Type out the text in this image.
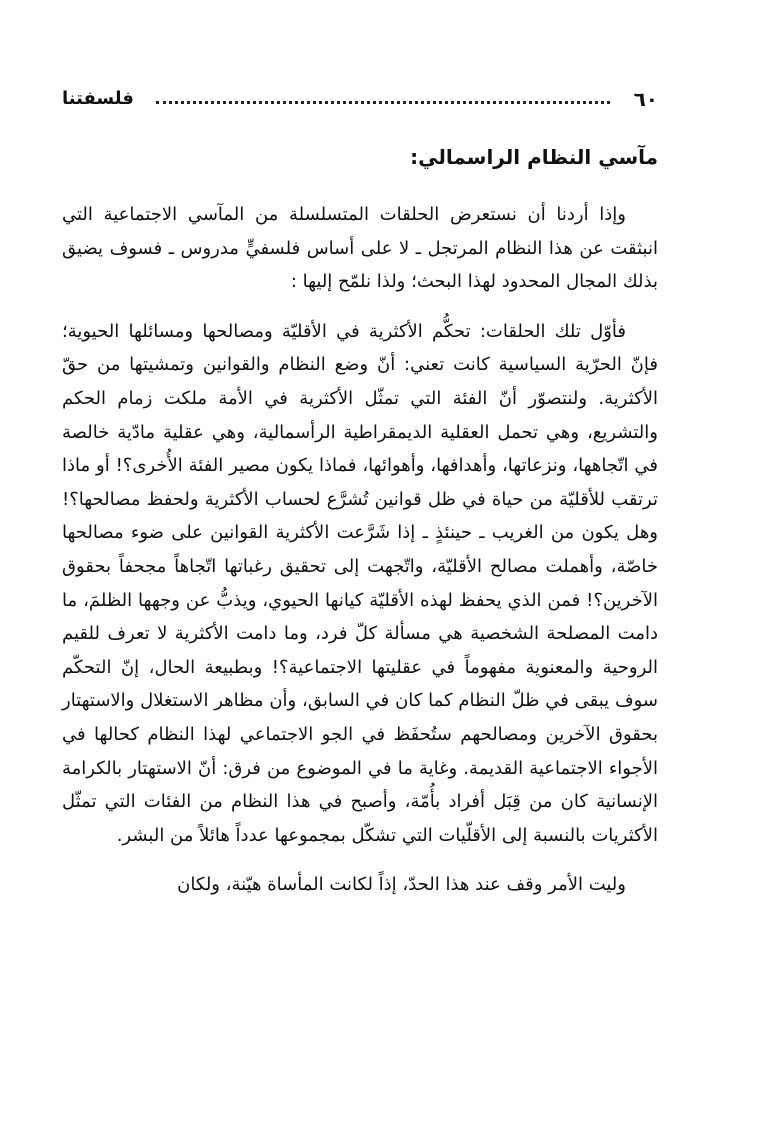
٦٠
فلسفتنا
مآسي النظام الراسمالي:

وإذا أردنا أن نستعرض الحلقات المتسلسلة من المآسي الاجتماعية التي انبثقت عن هذا النظام المرتجل ـ لا على أساس فلسفيٍّ مدروس ـ فسوف يضيق بذلك المجال المحدود لهذا البحث؛ ولذا نلمّح إليها :

فأوّل تلك الحلقات: تحكُّم الأكثرية في الأقليّة ومصالحها ومسائلها الحيوية؛ فإنّ الحرّية السياسية كانت تعني: أنّ وضع النظام والقوانين وتمشيتها من حقّ الأكثرية. ولنتصوّر أنّ الفئة التي تمثّل الأكثرية في الأمة ملكت زمام الحكم والتشريع، وهي تحمل العقلية الديمقراطية الرأسمالية، وهي عقلية مادّية خالصة في اتّجاهها، ونزعاتها، وأهدافها، وأهوائها، فماذا يكون مصير الفئة الأُخرى؟! أو ماذا ترتقب للأقليّة من حياة في ظل قوانين تُشرَّع لحساب الأكثرية ولحفظ مصالحها؟! وهل يكون من الغريب ـ حينئذٍ ـ إذا شَرَّعت الأكثرية القوانين على ضوء مصالحها خاصّة، وأهملت مصالح الأقليّة، واتّجهت إلى تحقيق رغباتها اتّجاهاً مجحفاً بحقوق الآخرين؟! فمن الذي يحفظ لهذه الأقليّة كيانها الحيوي، ويذبُّ عن وجهها الظلمَ، ما دامت المصلحة الشخصية هي مسألة كلّ فرد، وما دامت الأكثرية لا تعرف للقيم الروحية والمعنوية مفهوماً في عقليتها الاجتماعية؟! وبطبيعة الحال، إنّ التحكّم سوف يبقى في ظلّ النظام كما كان في السابق، وأن مظاهر الاستغلال والاستهتار بحقوق الآخرين ومصالحهم ستُحفَظ في الجو الاجتماعي لهذا النظام كحالها في الأجواء الاجتماعية القديمة. وغاية ما في الموضوع من فرق: أنّ الاستهتار بالكرامة الإنسانية كان من قِبَل أفراد بأُمّة، وأصبح في هذا النظام من الفئات التي تمثّل الأكثريات بالنسبة إلى الأقلّيات التي تشكّل بمجموعها عدداً هائلاً من البشر.

وليت الأمر وقف عند هذا الحدّ، إذاً لكانت المأساة هيّنة، ولكان
